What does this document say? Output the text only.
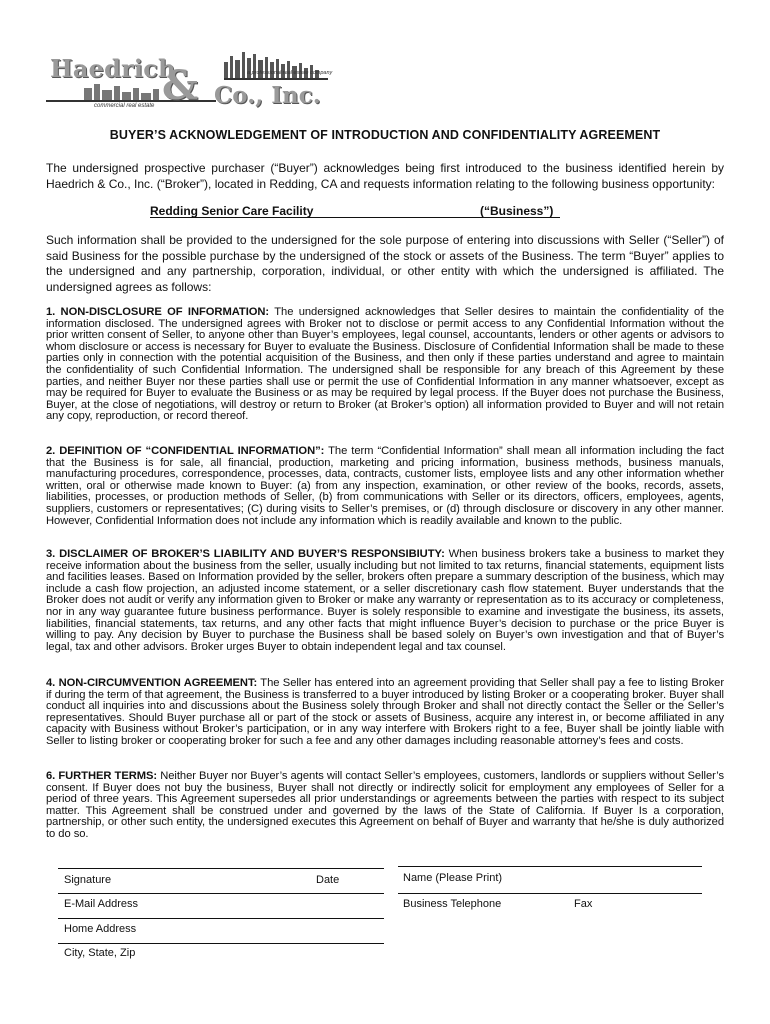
Haedrich
& Co., Inc.
a professional real estate company
commercial real estate
BUYER’S ACKNOWLEDGEMENT OF INTRODUCTION AND CONFIDENTIALITY AGREEMENT

The undersigned prospective purchaser (“Buyer”) acknowledges being first introduced to the business identified herein by Haedrich & Co., Inc. (“Broker”), located in Redding, CA and requests information relating to the following business opportunity:

Redding Senior Care Facility	(“Business”)

Such information shall be provided to the undersigned for the sole purpose of entering into discussions with Seller (“Seller”) of said Business for the possible purchase by the undersigned of the stock or assets of the Business. The term “Buyer” applies to the undersigned and any partnership, corporation, individual, or other entity with which the undersigned is affiliated. The undersigned agrees as follows:

1. NON-DISCLOSURE OF INFORMATION: The undersigned acknowledges that Seller desires to maintain the confidentiality of the information disclosed. The undersigned agrees with Broker not to disclose or permit access to any Confidential Information without the prior written consent of Seller, to anyone other than Buyer’s employees, legal counsel, accountants, lenders or other agents or advisors to whom disclosure or access is necessary for Buyer to evaluate the Business. Disclosure of Confidential Information shall be made to these parties only in connection with the potential acquisition of the Business, and then only if these parties understand and agree to maintain the confidentiality of such Confidential Information. The undersigned shall be responsible for any breach of this Agreement by these parties, and neither Buyer nor these parties shall use or permit the use of Confidential Information in any manner whatsoever, except as may be required for Buyer to evaluate the Business or as may be required by legal process. If the Buyer does not purchase the Business, Buyer, at the close of negotiations, will destroy or return to Broker (at Broker’s option) all information provided to Buyer and will not retain any copy, reproduction, or record thereof.

2. DEFINITION OF “CONFIDENTIAL INFORMATION”: The term “Confidential Information” shall mean all information including the fact that the Business is for sale, all financial, production, marketing and pricing information, business methods, business manuals, manufacturing procedures, correspondence, processes, data, contracts, customer lists, employee lists and any other information whether written, oral or otherwise made known to Buyer: (a) from any inspection, examination, or other review of the books, records, assets, liabilities, processes, or production methods of Seller, (b) from communications with Seller or its directors, officers, employees, agents, suppliers, customers or representatives; (C) during visits to Seller’s premises, or (d) through disclosure or discovery in any other manner. However, Confidential Information does not include any information which is readily available and known to the public.

3. DISCLAIMER OF BROKER’S LIABILITY AND BUYER’S RESPONSIBIUTY: When business brokers take a business to market they receive information about the business from the seller, usually including but not limited to tax returns, financial statements, equipment lists and facilities leases. Based on Information provided by the seller, brokers often prepare a summary description of the business, which may include a cash flow projection, an adjusted income statement, or a seller discretionary cash flow statement. Buyer understands that the Broker does not audit or verify any information given to Broker or make any warranty or representation as to its accuracy or completeness, nor in any way guarantee future business performance. Buyer is solely responsible to examine and investigate the business, its assets, liabilities, financial statements, tax returns, and any other facts that might influence Buyer’s decision to purchase or the price Buyer is willing to pay. Any decision by Buyer to purchase the Business shall be based solely on Buyer’s own investigation and that of Buyer’s legal, tax and other advisors. Broker urges Buyer to obtain independent legal and tax counsel.

4. NON-CIRCUMVENTION AGREEMENT: The Seller has entered into an agreement providing that Seller shall pay a fee to listing Broker if during the term of that agreement, the Business is transferred to a buyer introduced by listing Broker or a cooperating broker. Buyer shall conduct all inquiries into and discussions about the Business solely through Broker and shall not directly contact the Seller or the Seller’s representatives. Should Buyer purchase all or part of the stock or assets of Business, acquire any interest in, or become affiliated in any capacity with Business without Broker’s participation, or in any way interfere with Brokers right to a fee, Buyer shall be jointly liable with Seller to listing broker or cooperating broker for such a fee and any other damages including reasonable attorney’s fees and costs.

6. FURTHER TERMS: Neither Buyer nor Buyer’s agents will contact Seller’s employees, customers, landlords or suppliers without Seller’s consent. If Buyer does not buy the business, Buyer shall not directly or indirectly solicit for employment any employees of Seller for a period of three years. This Agreement supersedes all prior understandings or agreements between the parties with respect to its subject matter. This Agreement shall be construed under and governed by the laws of the State of California. If Buyer Is a corporation, partnership, or other such entity, the undersigned executes this Agreement on behalf of Buyer and warranty that he/she is duly authorized to do so.

Signature	Date	Name (Please Print)
E-Mail Address	Business Telephone	Fax
Home Address
City, State, Zip
